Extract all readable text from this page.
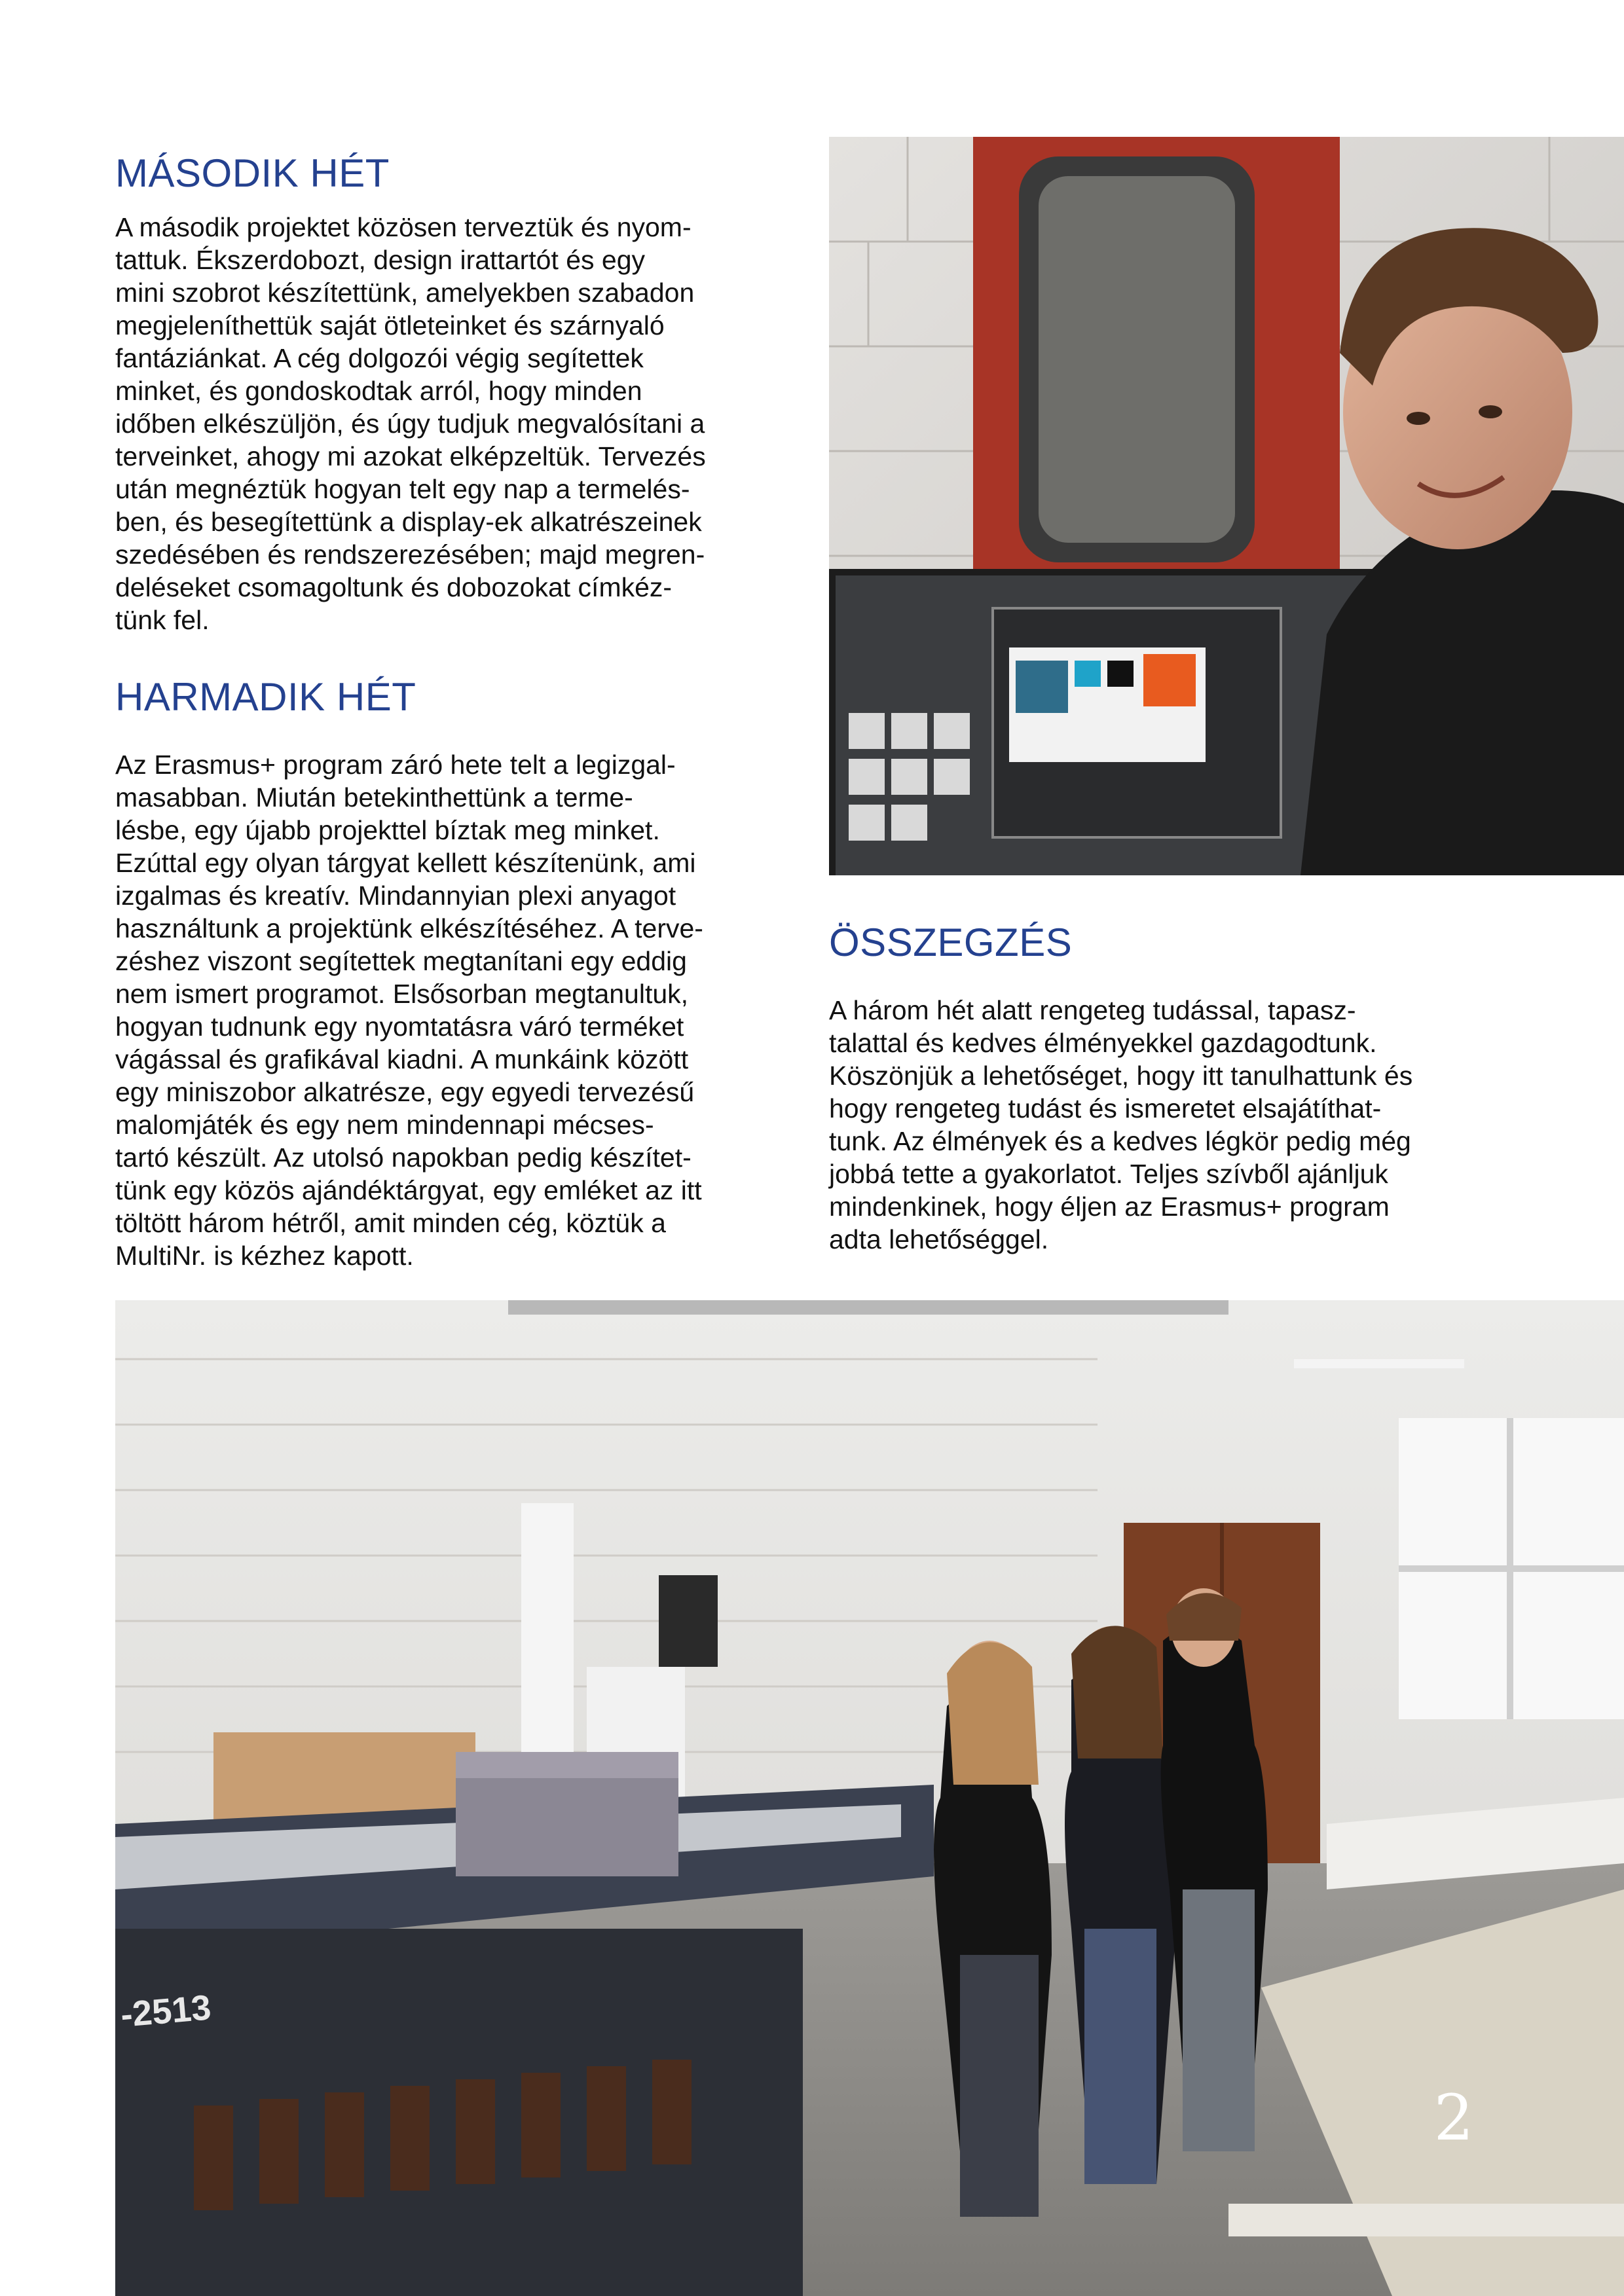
MÁSODIK HÉT

A második projektet közösen terveztük és nyom-
tattuk. Ékszerdobozt, design irattartót és egy
mini szobrot készítettünk, amelyekben szabadon
megjeleníthettük saját ötleteinket és szárnyaló
fantáziánkat. A cég dolgozói végig segítettek
minket, és gondoskodtak arról, hogy minden
időben elkészüljön, és úgy tudjuk megvalósítani a
terveinket, ahogy mi azokat elképzeltük. Tervezés
után megnéztük hogyan telt egy nap a termelés-
ben, és besegítettünk a display-ek alkatrészeinek
szedésében és rendszerezésében; majd megren-
deléseket csomagoltunk és dobozokat címkéz-
tünk fel.

HARMADIK HÉT

Az Erasmus+ program záró hete telt a legizgal-
masabban. Miután betekinthettünk a terme-
lésbe, egy újabb projekttel bíztak meg minket.
Ezúttal egy olyan tárgyat kellett készítenünk, ami
izgalmas és kreatív. Mindannyian plexi anyagot
használtunk a projektünk elkészítéséhez. A terve-
zéshez viszont segítettek megtanítani egy eddig
nem ismert programot. Elsősorban megtanultuk,
hogyan tudnunk egy nyomtatásra váró terméket
vágással és grafikával kiadni. A munkáink között
egy miniszobor alkatrésze, egy egyedi tervezésű
malomjáték és egy nem mindennapi mécses-
tartó készült. Az utolsó napokban pedig készítet-
tünk egy közös ajándéktárgyat, egy emléket az itt
töltött három hétről, amit minden cég, köztük a
MultiNr. is kézhez kapott.

ÖSSZEGZÉS

A három hét alatt rengeteg tudással, tapasz-
talattal és kedves élményekkel gazdagodtunk.
Köszönjük a lehetőséget, hogy itt tanulhattunk és
hogy rengeteg tudást és ismeretet elsajátíthat-
tunk. Az élmények és a kedves légkör pedig még
jobbá tette a gyakorlatot. Teljes szívből ajánljuk
mindenkinek, hogy éljen az Erasmus+ program
adta lehetőséggel.

-2513
2
